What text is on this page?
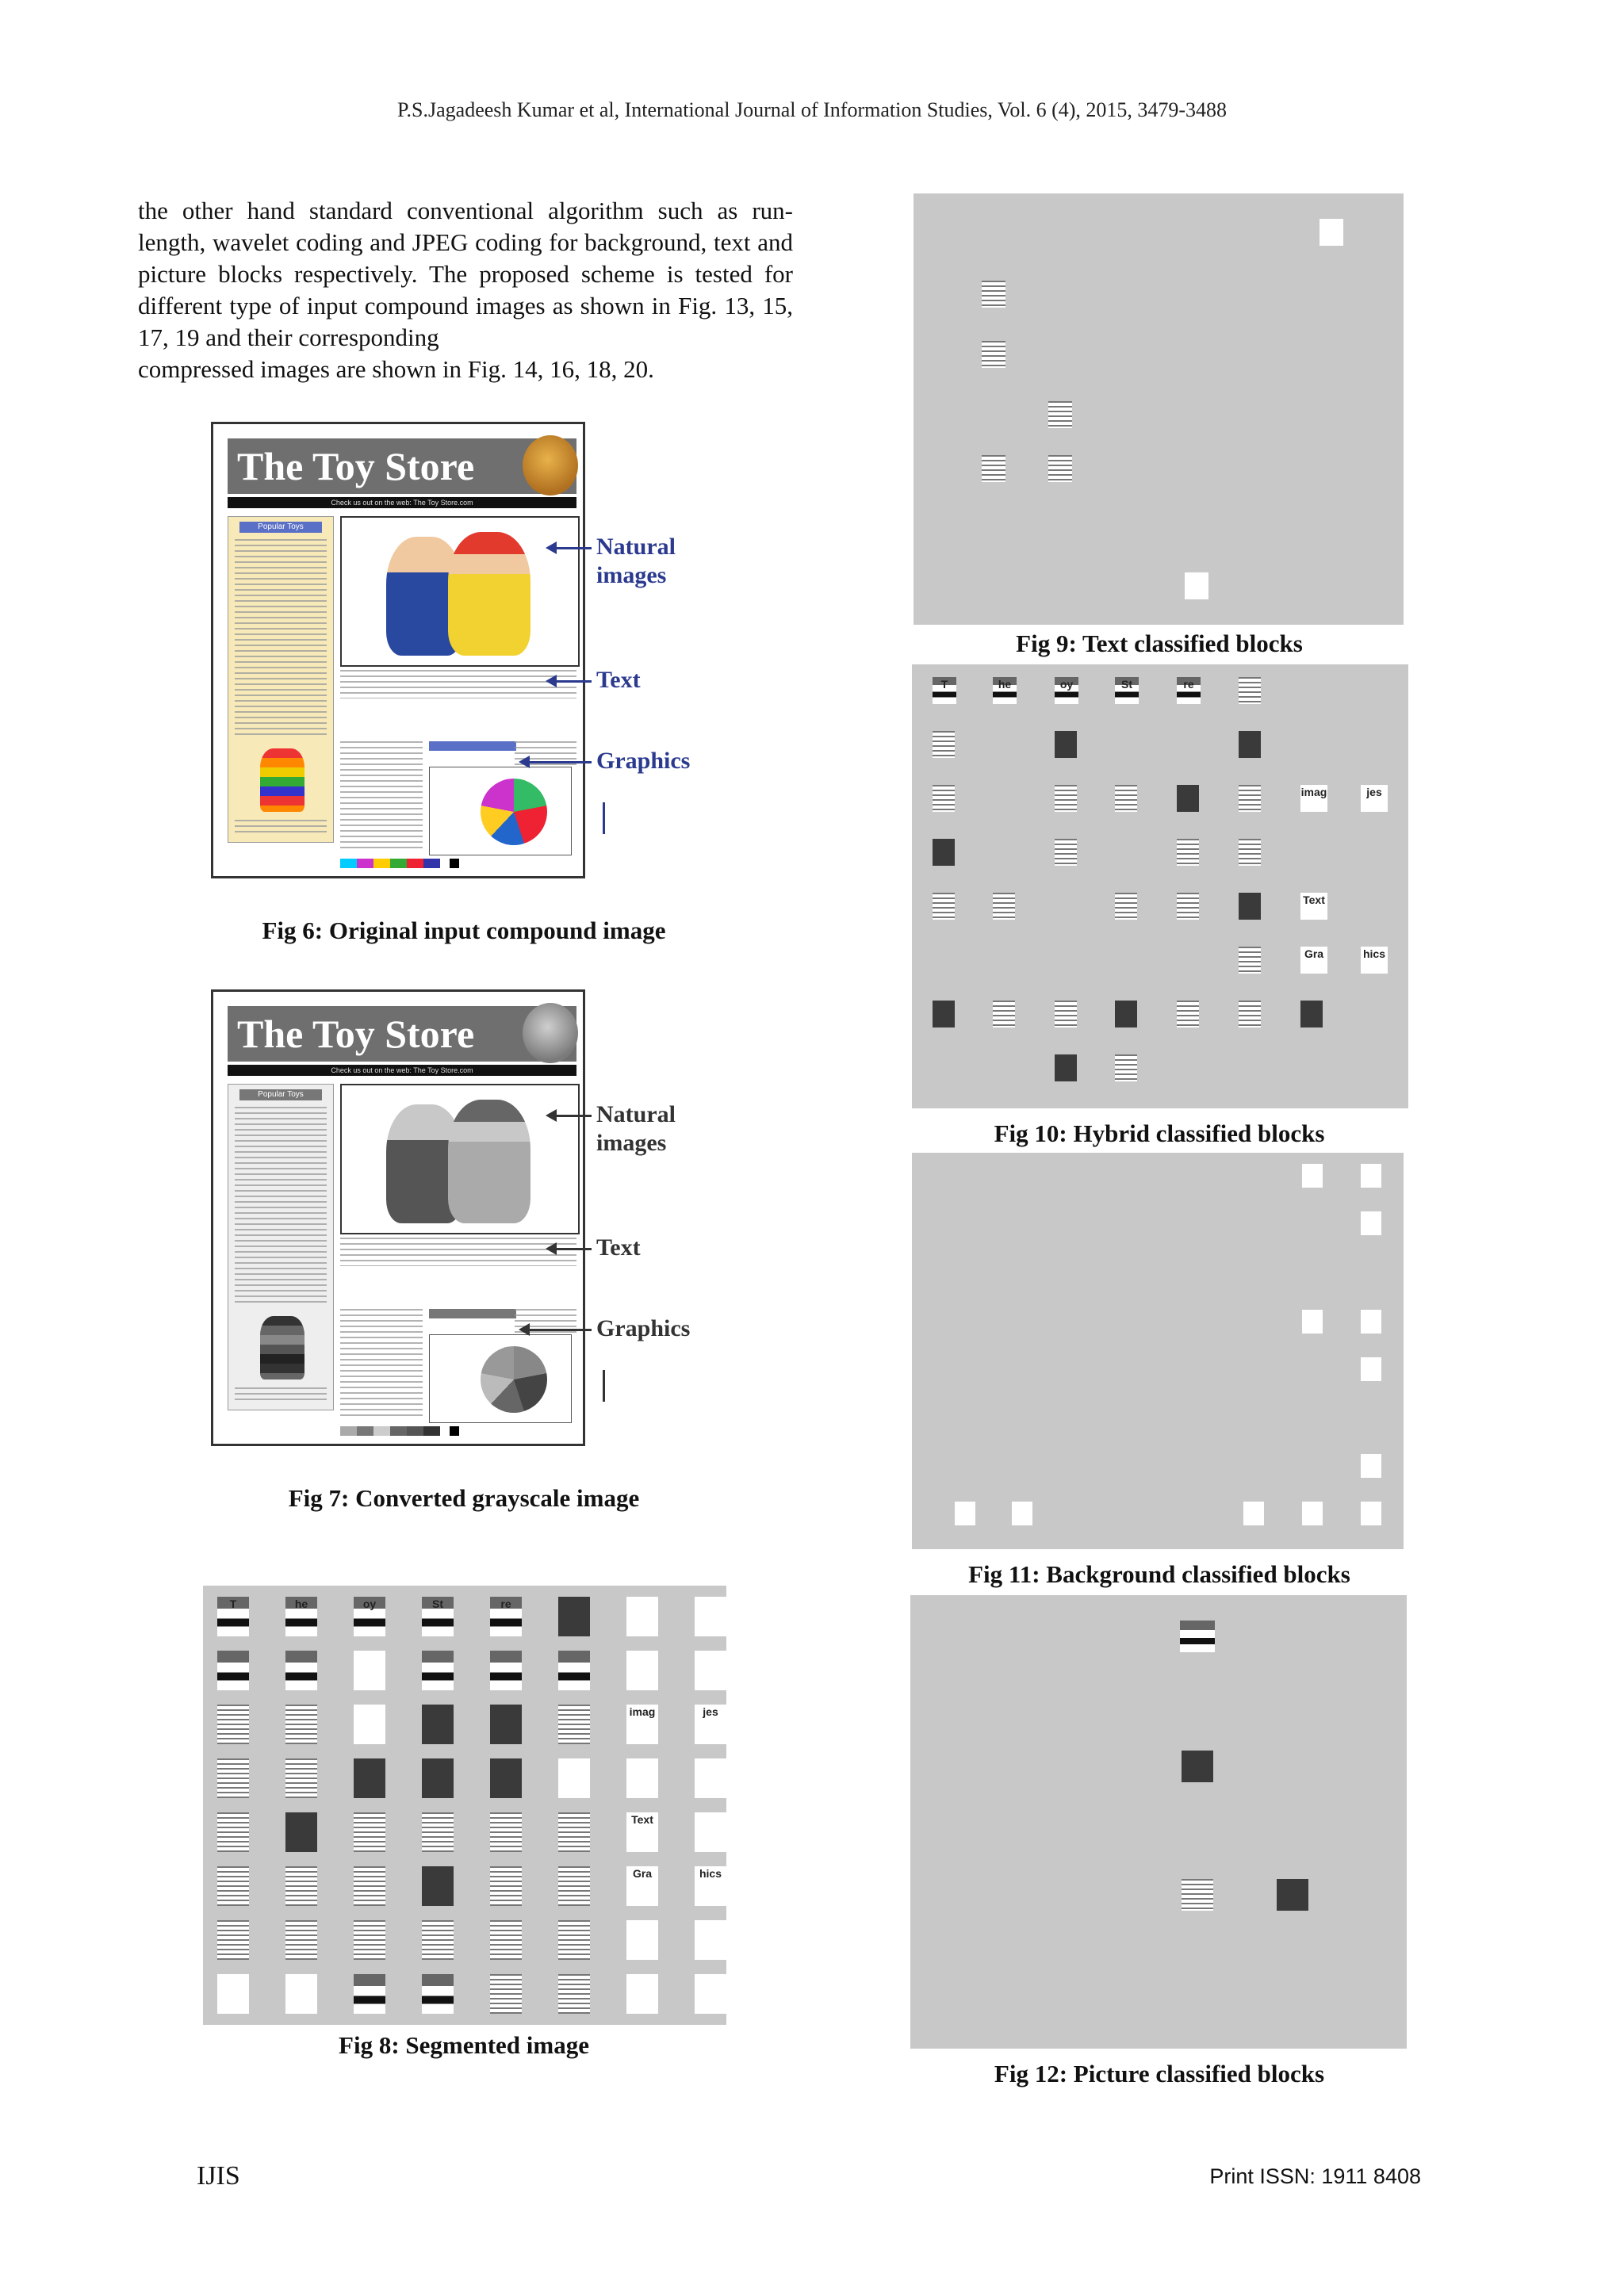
P.S.Jagadeesh Kumar et al, International Journal of Information Studies, Vol. 6 (4), 2015, 3479-3488
the other hand standard conventional algorithm such as run-length, wavelet coding and JPEG coding for background, text and picture blocks respectively. The proposed scheme is tested for different type of input compound images as shown in Fig. 13, 15, 17, 19 and their corresponding
compressed images are shown in Fig. 14, 16, 18, 20.
The Toy Store
Check us out on the web: The Toy Store.com
Popular Toys
Natural
images
Text
Graphics
Fig 6: Original input compound image
The Toy Store
Check us out on the web: The Toy Store.com
Popular Toys
Natural
images
Text
Graphics
Fig 7: Converted grayscale image
T	he	oy	St	re
imag	jes
Text
Gra	hics
Fig 8: Segmented image
Fig 9: Text classified blocks
T	he	oy	St	re
imag	jes
Text
Gra	hics
Fig 10: Hybrid classified blocks
Fig 11: Background classified blocks
Fig 12: Picture classified blocks
IJIS	Print ISSN: 1911 8408
